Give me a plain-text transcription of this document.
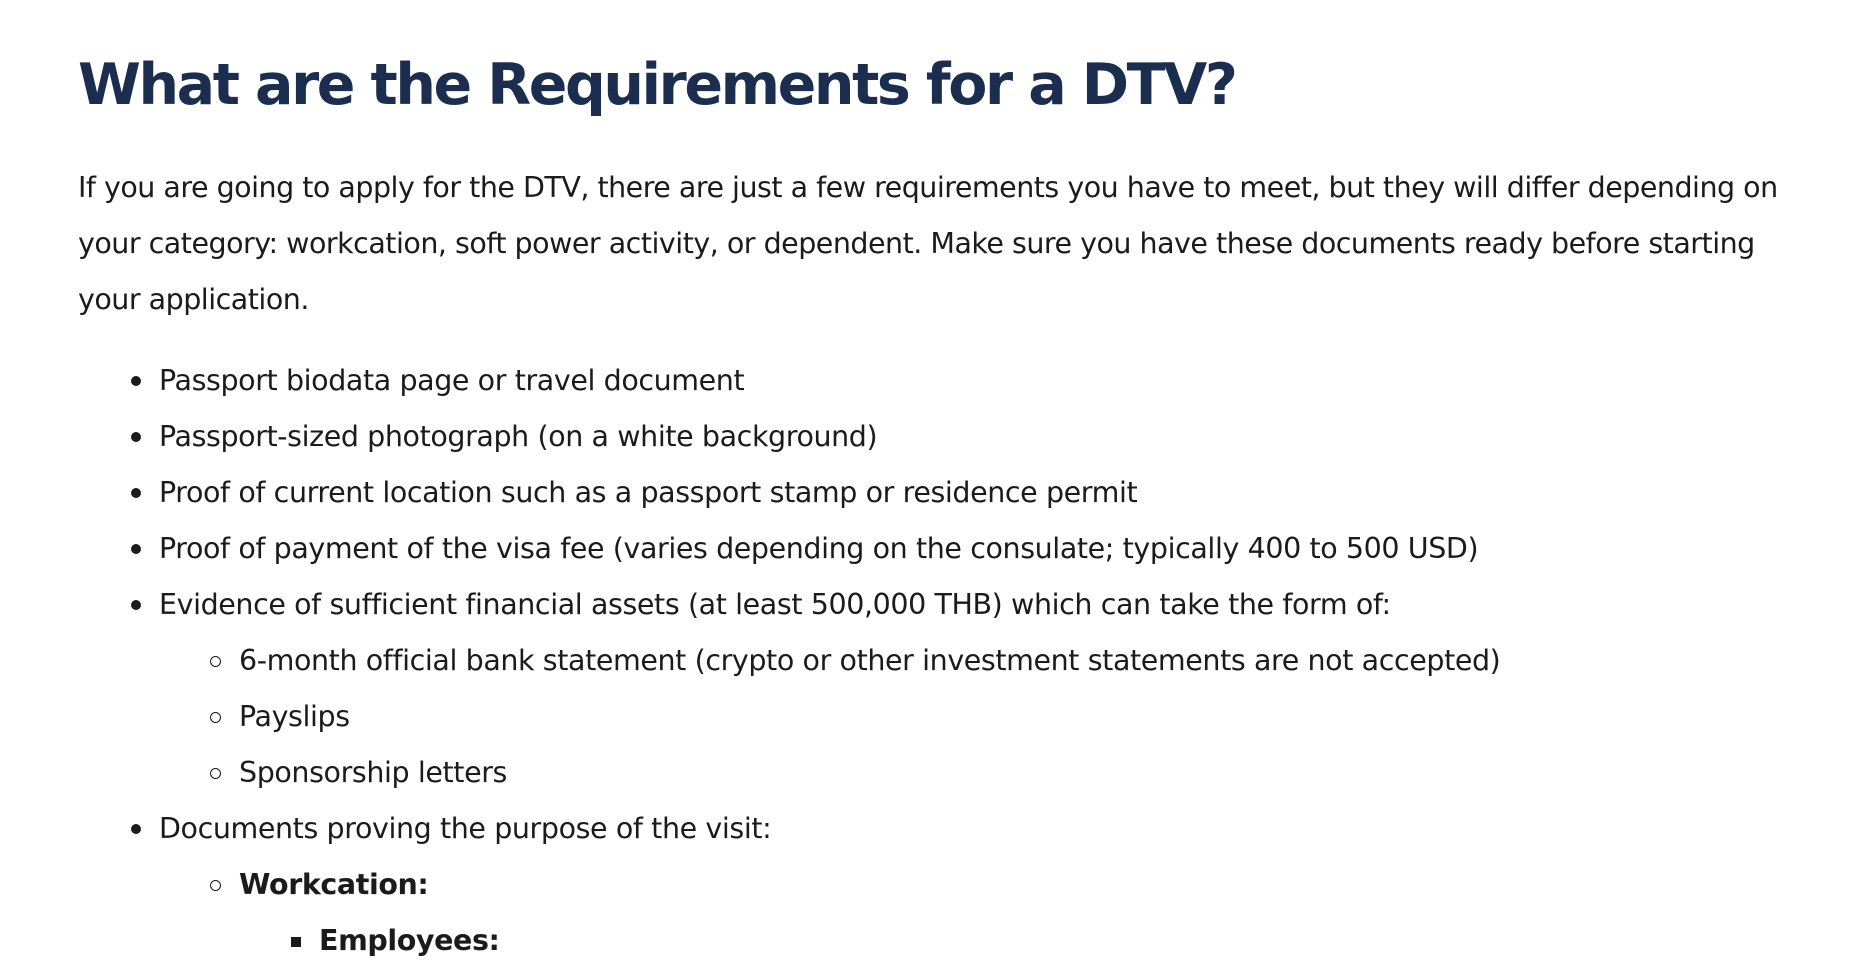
What are the Requirements for a DTV?

If you are going to apply for the DTV, there are just a few requirements you have to meet, but they will differ depending on your category: workcation, soft power activity, or dependent. Make sure you have these documents ready before starting your application.

Passport biodata page or travel document
Passport-sized photograph (on a white background)
Proof of current location such as a passport stamp or residence permit
Proof of payment of the visa fee (varies depending on the consulate; typically 400 to 500 USD)
Evidence of sufficient financial assets (at least 500,000 THB) which can take the form of:
6-month official bank statement (crypto or other investment statements are not accepted)
Payslips
Sponsorship letters
Documents proving the purpose of the visit:
Workcation:
Employees:
